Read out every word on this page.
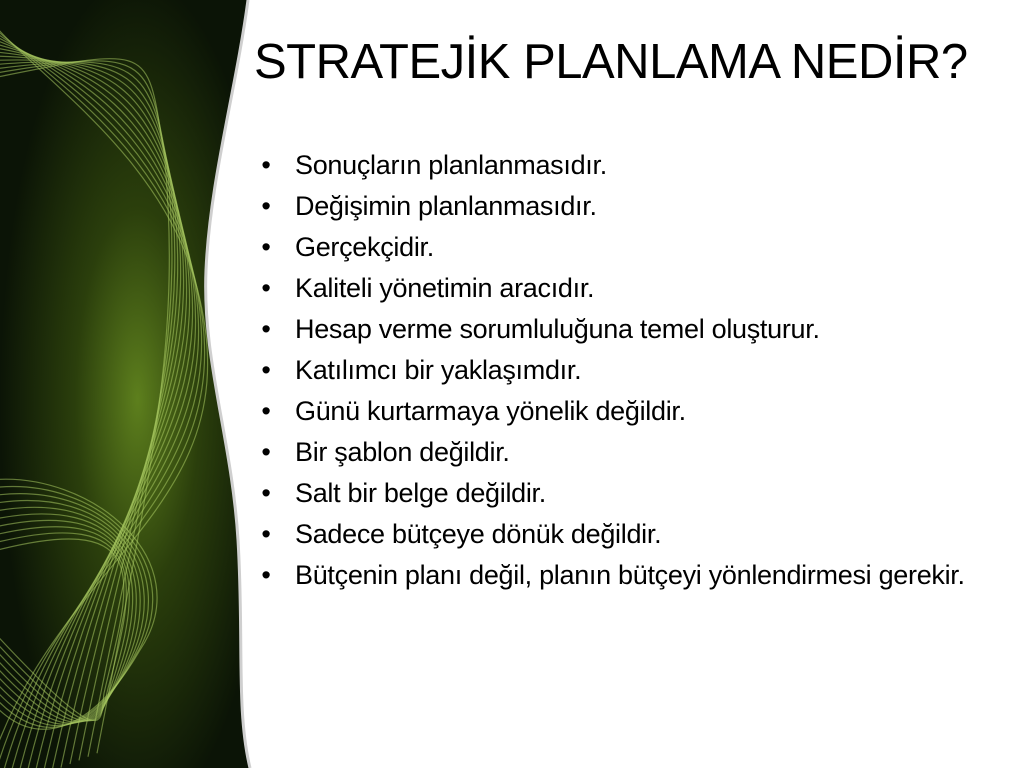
STRATEJİK PLANLAMA NEDİR?
• Sonuçların planlanmasıdır.
• Değişimin planlanmasıdır.
• Gerçekçidir.
• Kaliteli yönetimin aracıdır.
• Hesap verme sorumluluğuna temel oluşturur.
• Katılımcı bir yaklaşımdır.
• Günü kurtarmaya yönelik değildir.
• Bir şablon değildir.
• Salt bir belge değildir.
• Sadece bütçeye dönük değildir.
• Bütçenin planı değil, planın bütçeyi yönlendirmesi gerekir.
